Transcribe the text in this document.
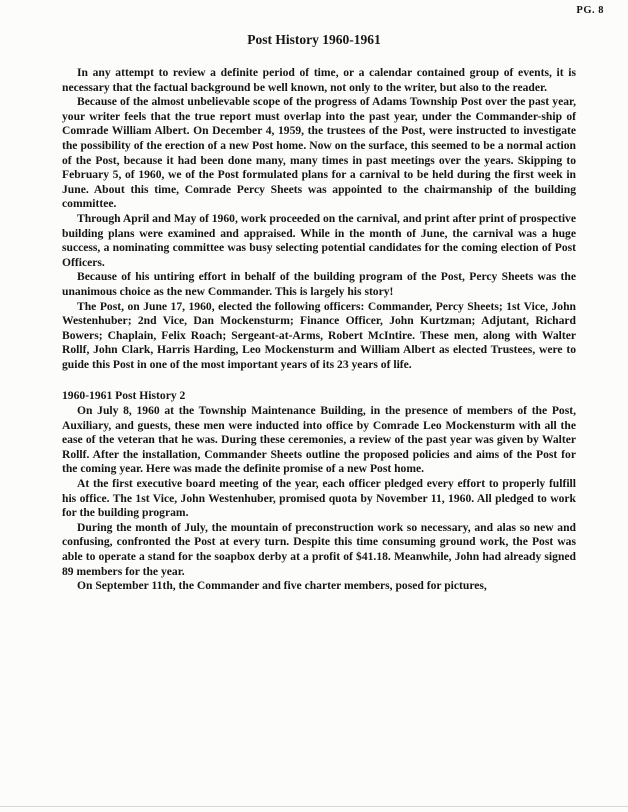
PG. 8
Post History 1960-1961

In any attempt to review a definite period of time, or a calendar contained group of events, it is necessary that the factual background be well known, not only to the writer, but also to the reader.

Because of the almost unbelievable scope of the progress of Adams Township Post over the past year, your writer feels that the true report must overlap into the past year, under the Commander-ship of Comrade William Albert. On December 4, 1959, the trustees of the Post, were instructed to investigate the possibility of the erection of a new Post home. Now on the surface, this seemed to be a normal action of the Post, because it had been done many, many times in past meetings over the years. Skipping to February 5, of 1960, we of the Post formulated plans for a carnival to be held during the first week in June. About this time, Comrade Percy Sheets was appointed to the chairmanship of the building committee.

Through April and May of 1960, work proceeded on the carnival, and print after print of prospective building plans were examined and appraised. While in the month of June, the carnival was a huge success, a nominating committee was busy selecting potential candidates for the coming election of Post Officers.

Because of his untiring effort in behalf of the building program of the Post, Percy Sheets was the unanimous choice as the new Commander. This is largely his story!

The Post, on June 17, 1960, elected the following officers: Commander, Percy Sheets; 1st Vice, John Westenhuber; 2nd Vice, Dan Mockensturm; Finance Officer, John Kurtzman; Adjutant, Richard Bowers; Chaplain, Felix Roach; Sergeant-at-Arms, Robert McIntire. These men, along with Walter Rollf, John Clark, Harris Harding, Leo Mockensturm and William Albert as elected Trustees, were to guide this Post in one of the most important years of its 23 years of life.

1960-1961 Post History 2

On July 8, 1960 at the Township Maintenance Building, in the presence of members of the Post, Auxiliary, and guests, these men were inducted into office by Comrade Leo Mockensturm with all the ease of the veteran that he was. During these ceremonies, a review of the past year was given by Walter Rollf. After the installation, Commander Sheets outline the proposed policies and aims of the Post for the coming year. Here was made the definite promise of a new Post home.

At the first executive board meeting of the year, each officer pledged every effort to properly fulfill his office. The 1st Vice, John Westenhuber, promised quota by November 11, 1960. All pledged to work for the building program.

During the month of July, the mountain of preconstruction work so necessary, and alas so new and confusing, confronted the Post at every turn. Despite this time consuming ground work, the Post was able to operate a stand for the soapbox derby at a profit of $41.18. Meanwhile, John had already signed 89 members for the year.

On September 11th, the Commander and five charter members, posed for pictures,
